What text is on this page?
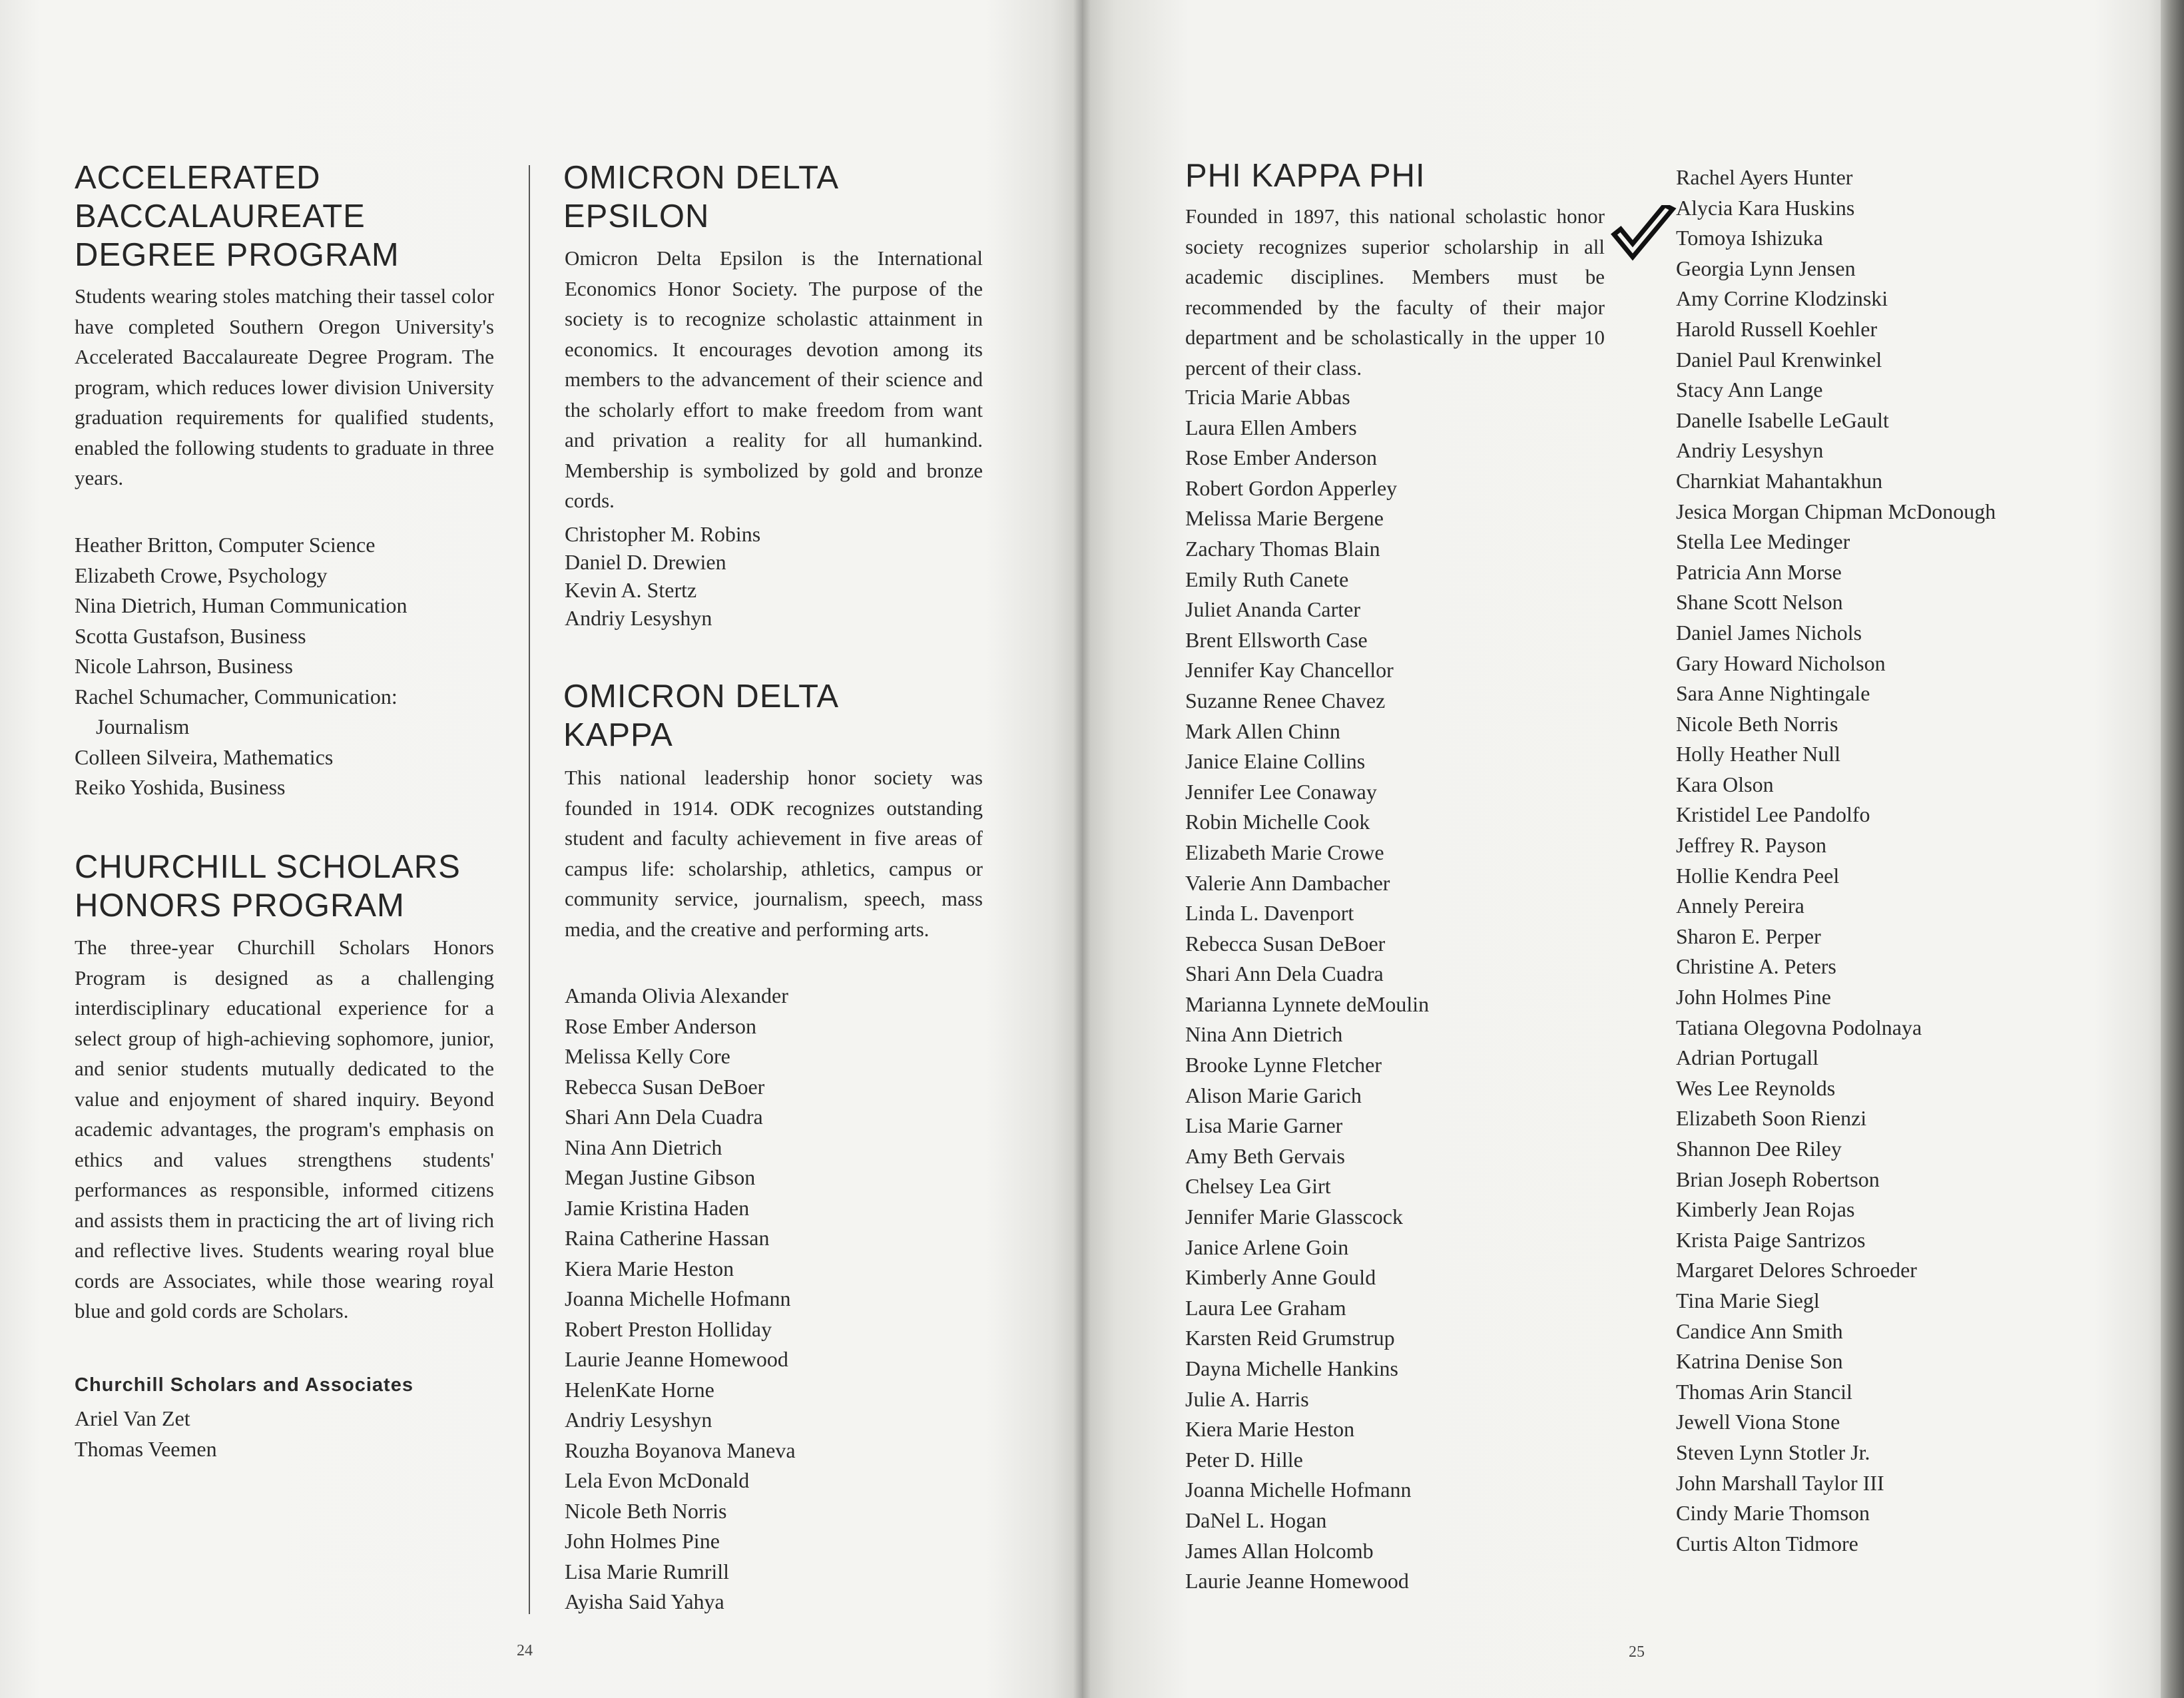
ACCELERATED
BACCALAUREATE
DEGREE PROGRAM

Students wearing stoles matching their tassel color have completed Southern Oregon University's Accelerated Baccalaureate Degree Program. The program, which reduces lower division University graduation requirements for qualified students, enabled the following students to graduate in three years.

Heather Britton, Computer Science
Elizabeth Crowe, Psychology
Nina Dietrich, Human Communication
Scotta Gustafson, Business
Nicole Lahrson, Business
Rachel Schumacher, Communication:
Journalism
Colleen Silveira, Mathematics
Reiko Yoshida, Business
CHURCHILL SCHOLARS
HONORS PROGRAM

The three-year Churchill Scholars Honors Program is designed as a challenging interdisciplinary educational experience for a select group of high-achieving sophomore, junior, and senior students mutually dedicated to the value and enjoyment of shared inquiry. Beyond academic advantages, the program's emphasis on ethics and values strengthens students' performances as responsible, informed citizens and assists them in practicing the art of living rich and reflective lives. Students wearing royal blue cords are Associates, while those wearing royal blue and gold cords are Scholars.

Churchill Scholars and Associates
Ariel Van Zet
Thomas Veemen
OMICRON DELTA
EPSILON

Omicron Delta Epsilon is the International Economics Honor Society. The purpose of the society is to recognize scholastic attainment in economics. It encourages devotion among its members to the advancement of their science and the scholarly effort to make freedom from want and privation a reality for all humankind. Membership is symbolized by gold and bronze cords.

Christopher M. Robins
Daniel D. Drewien
Kevin A. Stertz
Andriy Lesyshyn
OMICRON DELTA
KAPPA

This national leadership honor society was founded in 1914. ODK recognizes outstanding student and faculty achievement in five areas of campus life: scholarship, athletics, campus or community service, journalism, speech, mass media, and the creative and performing arts.

Amanda Olivia Alexander
Rose Ember Anderson
Melissa Kelly Core
Rebecca Susan DeBoer
Shari Ann Dela Cuadra
Nina Ann Dietrich
Megan Justine Gibson
Jamie Kristina Haden
Raina Catherine Hassan
Kiera Marie Heston
Joanna Michelle Hofmann
Robert Preston Holliday
Laurie Jeanne Homewood
HelenKate Horne
Andriy Lesyshyn
Rouzha Boyanova Maneva
Lela Evon McDonald
Nicole Beth Norris
John Holmes Pine
Lisa Marie Rumrill
Ayisha Said Yahya
24
PHI KAPPA PHI

Founded in 1897, this national scholastic honor society recognizes superior scholarship in all academic disciplines. Members must be recommended by the faculty of their major department and be scholastically in the upper 10 percent of their class.

Tricia Marie Abbas
Laura Ellen Ambers
Rose Ember Anderson
Robert Gordon Apperley
Melissa Marie Bergene
Zachary Thomas Blain
Emily Ruth Canete
Juliet Ananda Carter
Brent Ellsworth Case
Jennifer Kay Chancellor
Suzanne Renee Chavez
Mark Allen Chinn
Janice Elaine Collins
Jennifer Lee Conaway
Robin Michelle Cook
Elizabeth Marie Crowe
Valerie Ann Dambacher
Linda L. Davenport
Rebecca Susan DeBoer
Shari Ann Dela Cuadra
Marianna Lynnete deMoulin
Nina Ann Dietrich
Brooke Lynne Fletcher
Alison Marie Garich
Lisa Marie Garner
Amy Beth Gervais
Chelsey Lea Girt
Jennifer Marie Glasscock
Janice Arlene Goin
Kimberly Anne Gould
Laura Lee Graham
Karsten Reid Grumstrup
Dayna Michelle Hankins
Julie A. Harris
Kiera Marie Heston
Peter D. Hille
Joanna Michelle Hofmann
DaNel L. Hogan
James Allan Holcomb
Laurie Jeanne Homewood
Rachel Ayers Hunter
Alycia Kara Huskins
Tomoya Ishizuka
Georgia Lynn Jensen
Amy Corrine Klodzinski
Harold Russell Koehler
Daniel Paul Krenwinkel
Stacy Ann Lange
Danelle Isabelle LeGault
Andriy Lesyshyn
Charnkiat Mahantakhun
Jesica Morgan Chipman McDonough
Stella Lee Medinger
Patricia Ann Morse
Shane Scott Nelson
Daniel James Nichols
Gary Howard Nicholson
Sara Anne Nightingale
Nicole Beth Norris
Holly Heather Null
Kara Olson
Kristidel Lee Pandolfo
Jeffrey R. Payson
Hollie Kendra Peel
Annely Pereira
Sharon E. Perper
Christine A. Peters
John Holmes Pine
Tatiana Olegovna Podolnaya
Adrian Portugall
Wes Lee Reynolds
Elizabeth Soon Rienzi
Shannon Dee Riley
Brian Joseph Robertson
Kimberly Jean Rojas
Krista Paige Santrizos
Margaret Delores Schroeder
Tina Marie Siegl
Candice Ann Smith
Katrina Denise Son
Thomas Arin Stancil
Jewell Viona Stone
Steven Lynn Stotler Jr.
John Marshall Taylor III
Cindy Marie Thomson
Curtis Alton Tidmore
25
